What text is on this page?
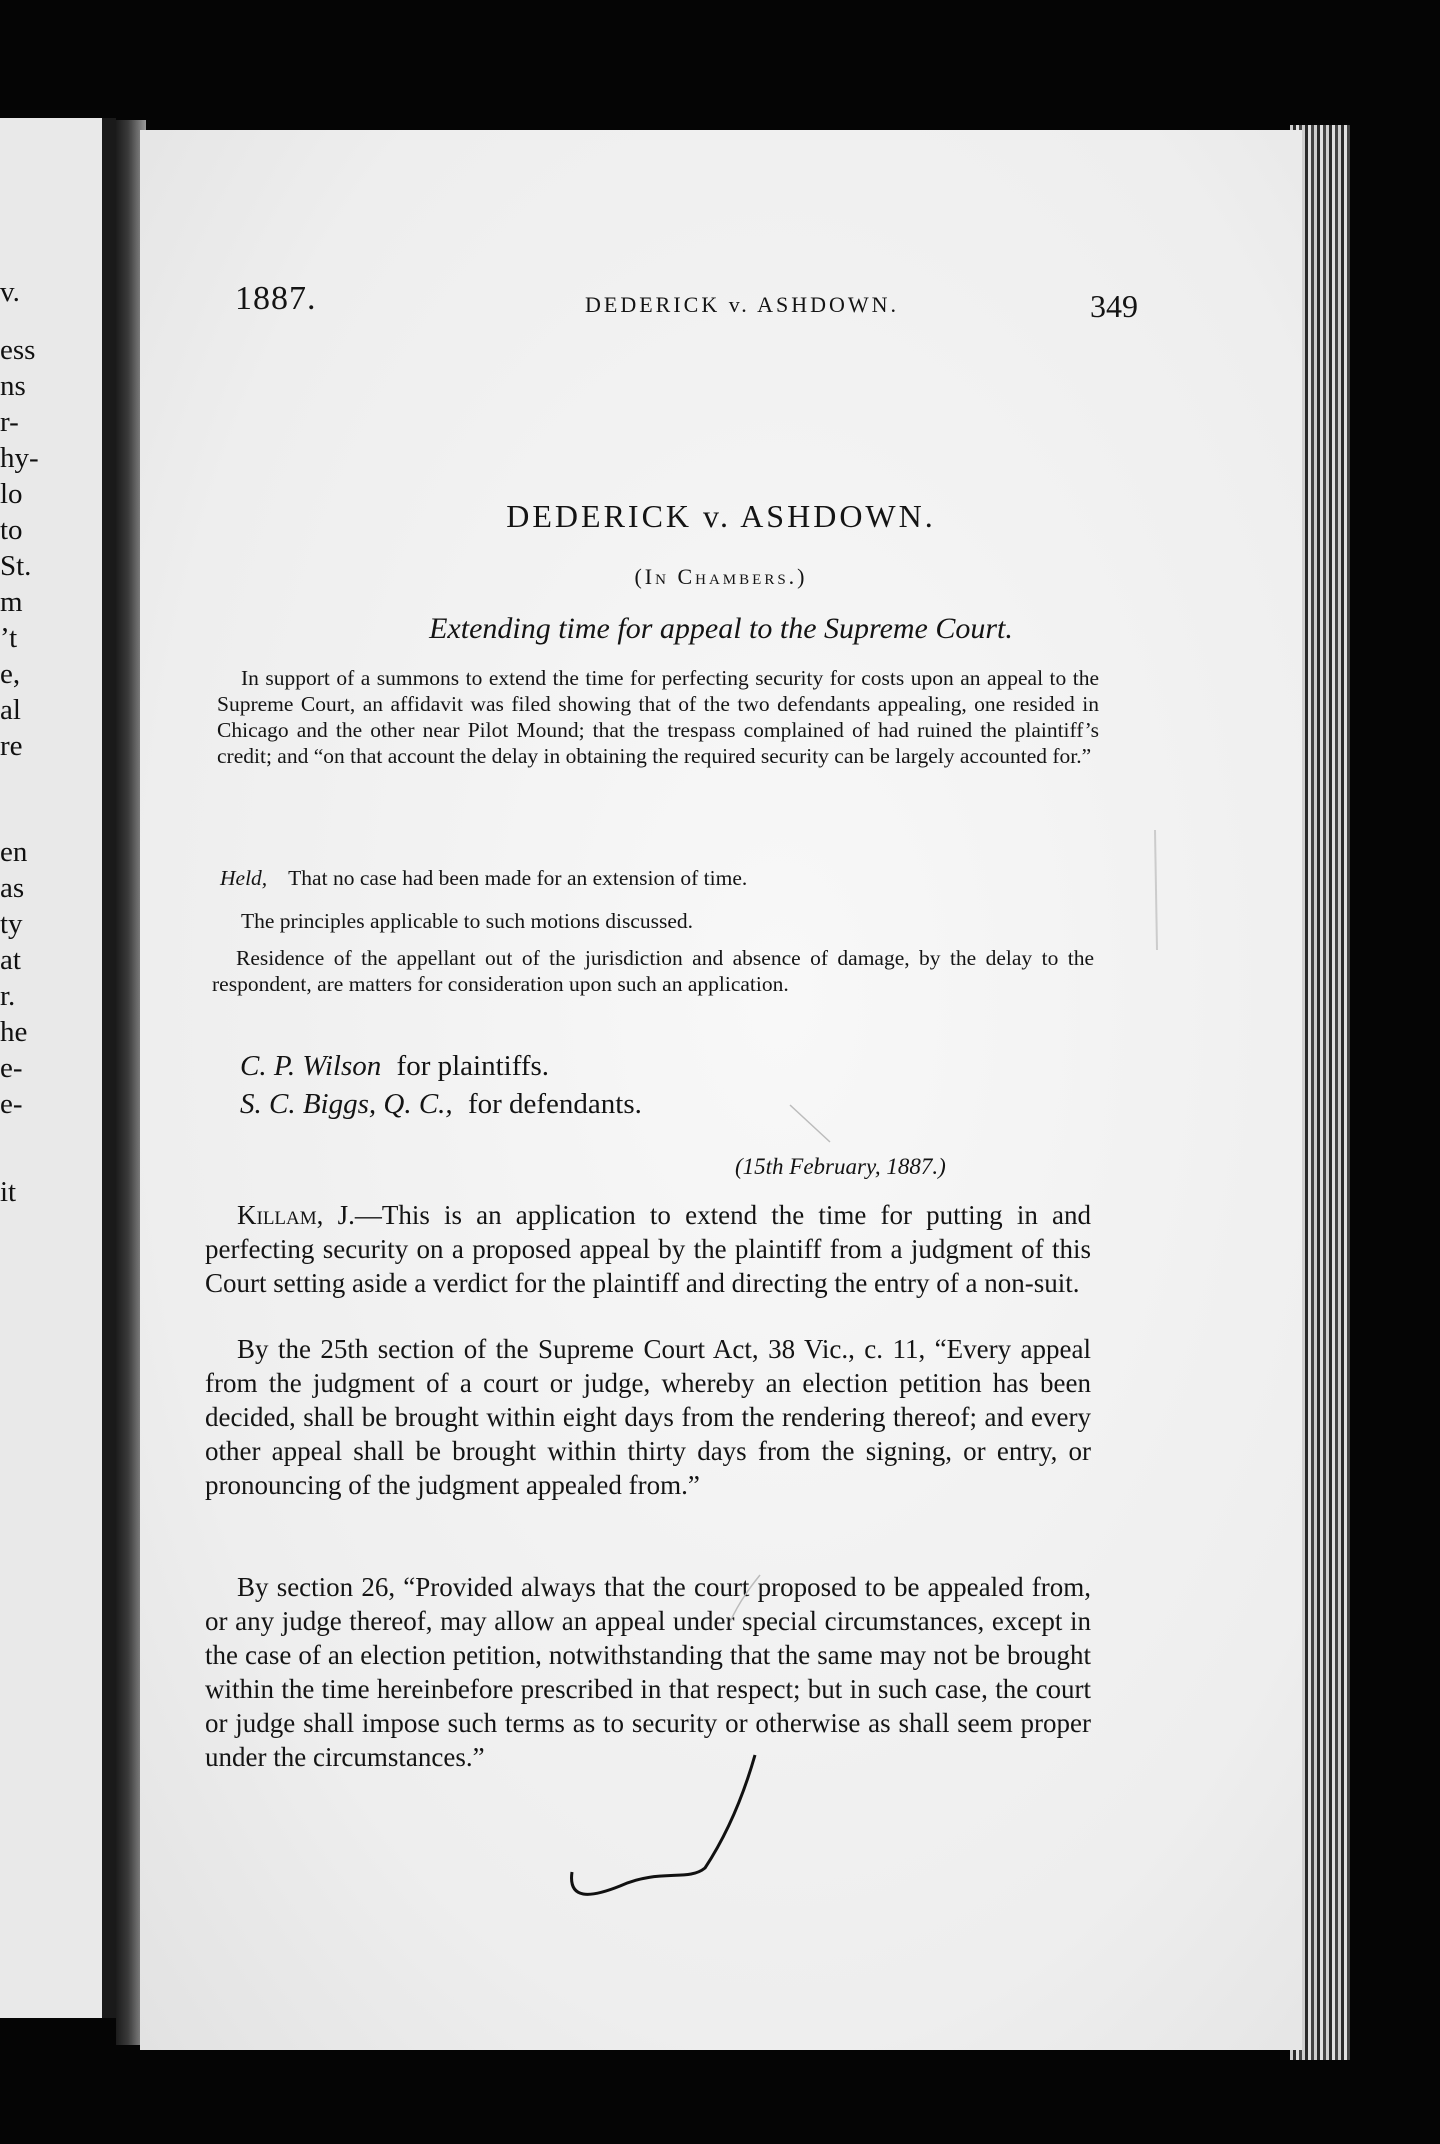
v.
ess
ns
r-
hy-
lo
to
St.
m
’t
e,
al
re
en
as
ty
at
r.
he
e-
e-
it
1887.	DEDERICK v. ASHDOWN.	349
DEDERICK v. ASHDOWN.
(In Chambers.)
Extending time for appeal to the Supreme Court.

In support of a summons to extend the time for perfecting security for costs upon an appeal to the Supreme Court, an affidavit was filed showing that of the two defendants appealing, one resided in Chicago and the other near Pilot Mound; that the trespass complained of had ruined the plaintiff’s credit; and “on that account the delay in obtaining the required security can be largely accounted for.”

Held, That no case had been made for an extension of time.

The principles applicable to such motions discussed.

Residence of the appellant out of the jurisdiction and absence of damage, by the delay to the respondent, are matters for consideration upon such an application.

C. P. Wilson for plaintiffs.
S. C. Biggs, Q. C., for defendants.
(15th February, 1887.)

Killam, J.—This is an application to extend the time for putting in and perfecting security on a proposed appeal by the plaintiff from a judgment of this Court setting aside a verdict for the plaintiff and directing the entry of a non-suit.

By the 25th section of the Supreme Court Act, 38 Vic., c. 11, “Every appeal from the judgment of a court or judge, whereby an election petition has been decided, shall be brought within eight days from the rendering thereof; and every other appeal shall be brought within thirty days from the signing, or entry, or pronouncing of the judgment appealed from.”

By section 26, “Provided always that the court proposed to be appealed from, or any judge thereof, may allow an appeal under special circumstances, except in the case of an election petition, notwithstanding that the same may not be brought within the time hereinbefore prescribed in that respect; but in such case, the court or judge shall impose such terms as to security or otherwise as shall seem proper under the circumstances.”
